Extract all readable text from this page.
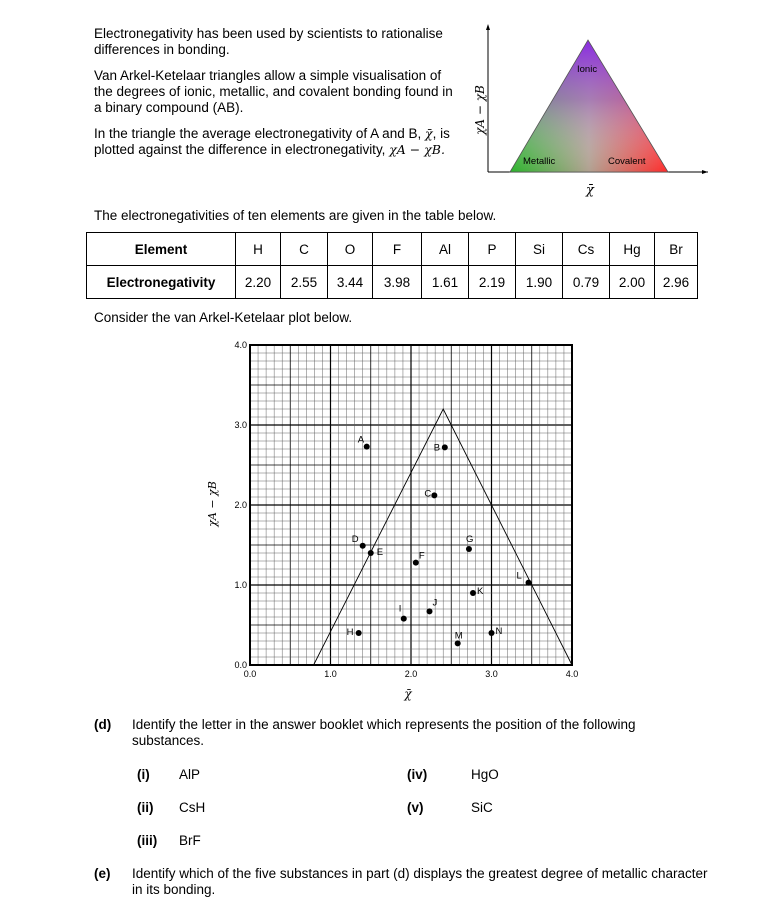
Electronegativity has been used by scientists to rationalise differences in bonding.

Van Arkel-Ketelaar triangles allow a simple visualisation of the degrees of ionic, metallic, and covalent bonding found in a binary compound (AB).

In the triangle the average electronegativity of A and B, χ̄, is plotted against the difference in electronegativity, χA − χB.

Ionic
Metallic	Covalent
χA − χB
χ̄
The electronegativities of ten elements are given in the table below.
Element	H	C	O	F	Al	P	Si	Cs	Hg	Br
Electronegativity	2.20	2.55	3.44	3.98	1.61	2.19	1.90	0.79	2.00	2.96
Consider the van Arkel-Ketelaar plot below.
0.0	1.0	2.0	3.0	4.0
0.0
1.0
2.0
3.0
4.0
A
B
C
D
E	F
G
H
I
J
K
L
M	N
χA − χB
χ̄
(d) Identify the letter in the answer booklet which represents the position of the following substances.
(i) AlP
(ii) CsH
(iii) BrF
(iv)	HgO
(v)	SiC
(e) Identify which of the five substances in part (d) displays the greatest degree of metallic character in its bonding.
